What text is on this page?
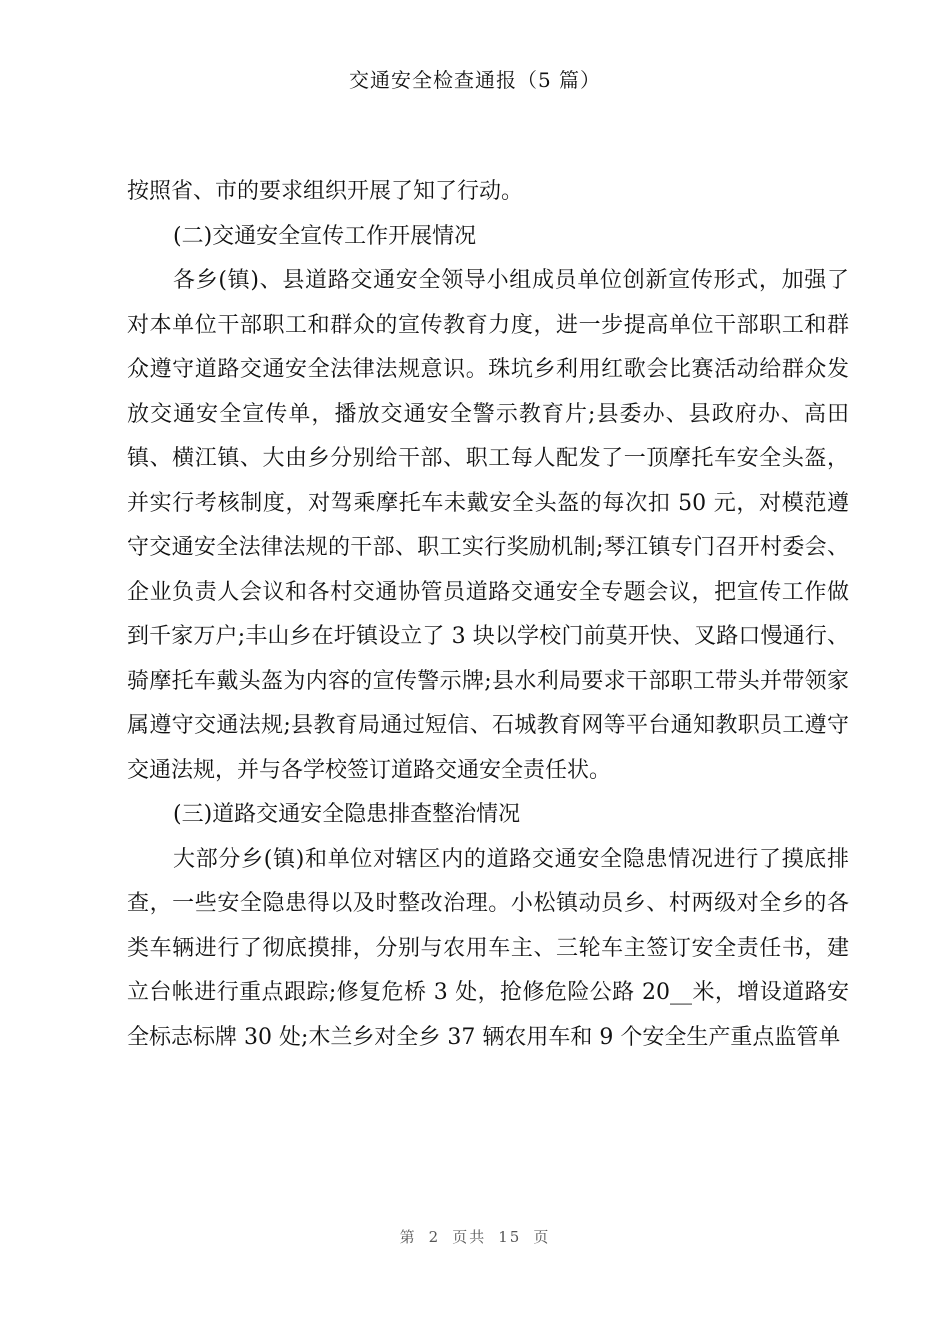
交通安全检查通报（5 篇）

按照省、市的要求组织开展了知了行动。

(二)交通安全宣传工作开展情况

各乡(镇)、县道路交通安全领导小组成员单位创新宣传形式，加强了对本单位干部职工和群众的宣传教育力度，进一步提高单位干部职工和群众遵守道路交通安全法律法规意识。珠坑乡利用红歌会比赛活动给群众发放交通安全宣传单，播放交通安全警示教育片;县委办、县政府办、高田镇、横江镇、大由乡分别给干部、职工每人配发了一顶摩托车安全头盔，并实行考核制度，对驾乘摩托车未戴安全头盔的每次扣 50 元，对模范遵守交通安全法律法规的干部、职工实行奖励机制;琴江镇专门召开村委会、企业负责人会议和各村交通协管员道路交通安全专题会议，把宣传工作做到千家万户;丰山乡在圩镇设立了 3 块以学校门前莫开快、叉路口慢通行、骑摩托车戴头盔为内容的宣传警示牌;县水利局要求干部职工带头并带领家属遵守交通法规;县教育局通过短信、石城教育网等平台通知教职员工遵守交通法规，并与各学校签订道路交通安全责任状。

(三)道路交通安全隐患排查整治情况

大部分乡(镇)和单位对辖区内的道路交通安全隐患情况进行了摸底排查，一些安全隐患得以及时整改治理。小松镇动员乡、村两级对全乡的各类车辆进行了彻底摸排，分别与农用车主、三轮车主签订安全责任书，建立台帐进行重点跟踪;修复危桥 3 处，抢修危险公路 20__米，增设道路安全标志标牌 30 处;木兰乡对全乡 37 辆农用车和 9 个安全生产重点监管单

第 2 页共 15 页
